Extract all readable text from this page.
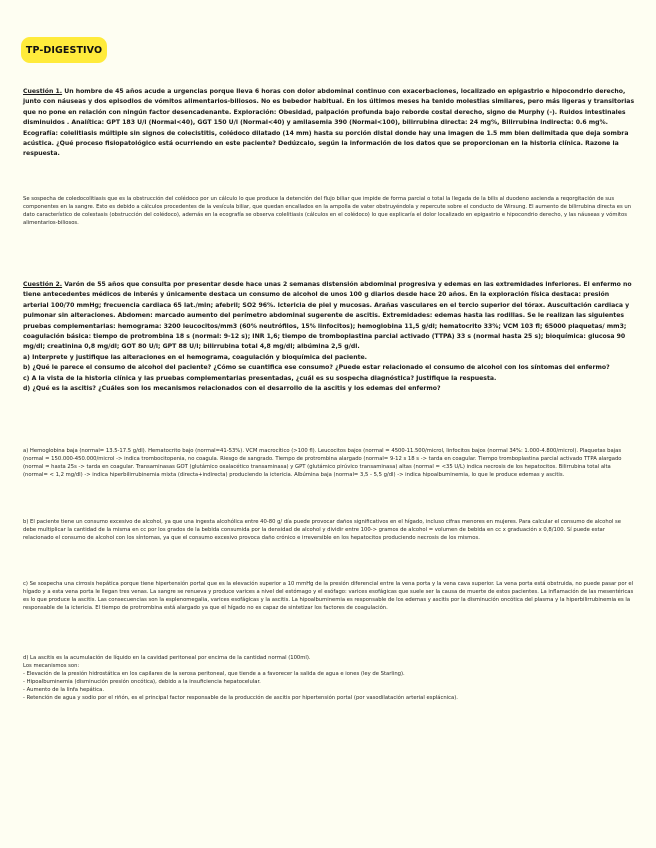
TP-DIGESTIVO
Cuestión 1. Un hombre de 45 años acude a urgencias porque lleva 6 horas con dolor abdominal continuo con exacerbaciones, localizado en epigastrio e hipocondrio derecho, junto con náuseas y dos episodios de vómitos alimentarios-biliosos. No es bebedor habitual. En los últimos meses ha tenido molestias similares, pero más ligeras y transitorias que no pone en relación con ningún factor desencadenante. Exploración: Obesidad, palpación profunda bajo reborde costal derecho, signo de Murphy (-). Ruidos intestinales disminuidos . Analítica: GPT 183 U/l (Normal<40), GGT 150 U/l (Normal<40) y amilasemia 390 (Normal<100), bilirrubina directa: 24 mg%, Bilirrubina indirecta: 0.6 mg%. Ecografía: colelitiasis múltiple sin signos de colecistitis, colédoco dilatado (14 mm) hasta su porción distal donde hay una imagen de 1.5 mm bien delimitada que deja sombra acústica. ¿Qué proceso fisiopatológico está ocurriendo en este paciente? Dedúzcalo, según la información de los datos que se proporcionan en la historia clínica. Razone la respuesta.

Se sospecha de coledocolitiasis que es la obstrucción del colédoco por un cálculo lo que produce la detención del flujo biliar que impide de forma parcial o total la llegada de la bilis al duodeno ascienda a reqorgitación de sus componentes en la sangre. Esto es debido a cálculos procedentes de la vesícula biliar, que quedan encallados en la ampolla de vater obstruyéndola y repercute sobre el conducto de Wirsung. El aumento de bilirrubina directa es un dato característico de colestasis (obstrucción del colédoco), además en la ecografía se observa colelitiasis (cálculos en el colédoco) lo que explicaría el dolor localizado en epigastrio e hipocondrio derecho, y las náuseas y vómitos alimentarios-biliosos.

Cuestión 2. Varón de 55 años que consulta por presentar desde hace unas 2 semanas distensión abdominal progresiva y edemas en las extremidades inferiores. El enfermo no tiene antecedentes médicos de interés y únicamente destaca un consumo de alcohol de unos 100 g diarios desde hace 20 años. En la exploración física destaca: presión arterial 100/70 mmHg; frecuencia cardiaca 65 lat./min; afebril; SO2 96%. Ictericia de piel y mucosas. Arañas vasculares en el tercio superior del tórax. Auscultación cardiaca y pulmonar sin alteraciones. Abdomen: marcado aumento del perímetro abdominal sugerente de ascitis. Extremidades: edemas hasta las rodillas. Se le realizan las siguientes pruebas complementarias: hemograma: 3200 leucocitos/mm3 (60% neutrófilos, 15% linfocitos); hemoglobina 11,5 g/dl; hematocrito 33%; VCM 103 fl; 65000 plaquetas/ mm3; coagulación básica: tiempo de protrombina 18 s (normal: 9-12 s); INR 1,6; tiempo de tromboplastina parcial activado (TTPA) 33 s (normal hasta 25 s); bioquímica: glucosa 90 mg/dl; creatinina 0,8 mg/dl; GOT 80 U/l; GPT 88 U/l; bilirrubina total 4,8 mg/dl; albúmina 2,5 g/dl.
a) Interprete y justifique las alteraciones en el hemograma, coagulación y bioquímica del paciente.
b) ¿Qué le parece el consumo de alcohol del paciente? ¿Cómo se cuantifica ese consumo? ¿Puede estar relacionado el consumo de alcohol con los síntomas del enfermo?
c) A la vista de la historia clínica y las pruebas complementarias presentadas, ¿cuál es su sospecha diagnóstica? Justifique la respuesta.
d) ¿Qué es la ascitis? ¿Cuáles son los mecanismos relacionados con el desarrollo de la ascitis y los edemas del enfermo?

a) Hemoglobina baja (normal= 13.5-17.5 g/dl). Hematocrito bajo (normal=41-53%). VCM macrocítico (>100 fl). Leucocitos bajos (normal = 4500-11.500/microl, linfocitos bajos (normal 34%: 1.000-4.800/microl). Plaquetas bajas (normal = 150.000-450.000/microl -> indica trombocitopenia, no coagula. Riesgo de sangrado. Tiempo de protrombina alargado (normal= 9-12 s 18 s -> tarda en coagular. Tiempo tromboplastina parcial activado TTPA alargado (normal = hasta 25s -> tarda en coagular. Transaminasas GOT (glutámico oxalacético transaminasa) y GPT (glutámico pirúvico transaminasa) altas (normal = <35 U/L) indica necrosis de los hepatocitos. Bilirrubina total alta (normal= < 1,2 mg/dl) -> indica hiperbilirrubinemia mixta (directa+indirecta) produciendo la ictericia. Albúmina baja (normal= 3,5 - 5,5 g/dl) -> indica hipoalbuminemia, lo que le produce edemas y ascitis.

b) El paciente tiene un consumo excesivo de alcohol, ya que una ingesta alcohólica entre 40-80 g/ día puede provocar daños significativos en el hígado, incluso cifras menores en mujeres. Para calcular el consumo de alcohol se debe multiplicar la cantidad de la misma en cc por los grados de la bebida consumida por la densidad de alcohol y dividir entre 100-> gramos de alcohol = volumen de bebida en cc x graduación x 0,8/100. Sí puede estar relacionado el consumo de alcohol con los síntomas, ya que el consumo excesivo provoca daño crónico e irreversible en los hepatocitos produciendo necrosis de los mismos.

c) Se sospecha una cirrosis hepática porque tiene hipertensión portal que es la elevación superior a 10 mmHg de la presión diferencial entre la vena porta y la vena cava superior. La vena porta está obstruida, no puede pasar por el hígado y a esta vena porta le llegan tres venas. La sangre se renueva y produce varices a nivel del estómago y el esófago: varices esofágicas que suele ser la causa de muerte de estos pacientes. La inflamación de las mesentéricas es lo que produce la ascitis. Las consecuencias son la esplenomegalia, varices esofágicas y la ascitis. La hipoalbuminemia es responsable de los edemas y ascitis por la disminución oncótica del plasma y la hiperbilirrubinemia es la responsable de la ictericia. El tiempo de protrombina está alargado ya que el hígado no es capaz de sintetizar los factores de coagulación.

d) La ascitis es la acumulación de líquido en la cavidad peritoneal por encima de la cantidad normal (100ml).

Los mecanismos son:

- Elevación de la presión hidrostática en los capilares de la serosa peritoneal, que tiende a a favorecer la salida de agua e iones (ley de Starling).

- Hipoalbuminemia (disminución presión oncótica), debido a la insuficiencia hepatocelular.

- Aumento de la linfa hepática.

- Retención de agua y sodio por el riñón, es el principal factor responsable de la producción de ascitis por hipertensión portal (por vasodilatación arterial esplácnica).
